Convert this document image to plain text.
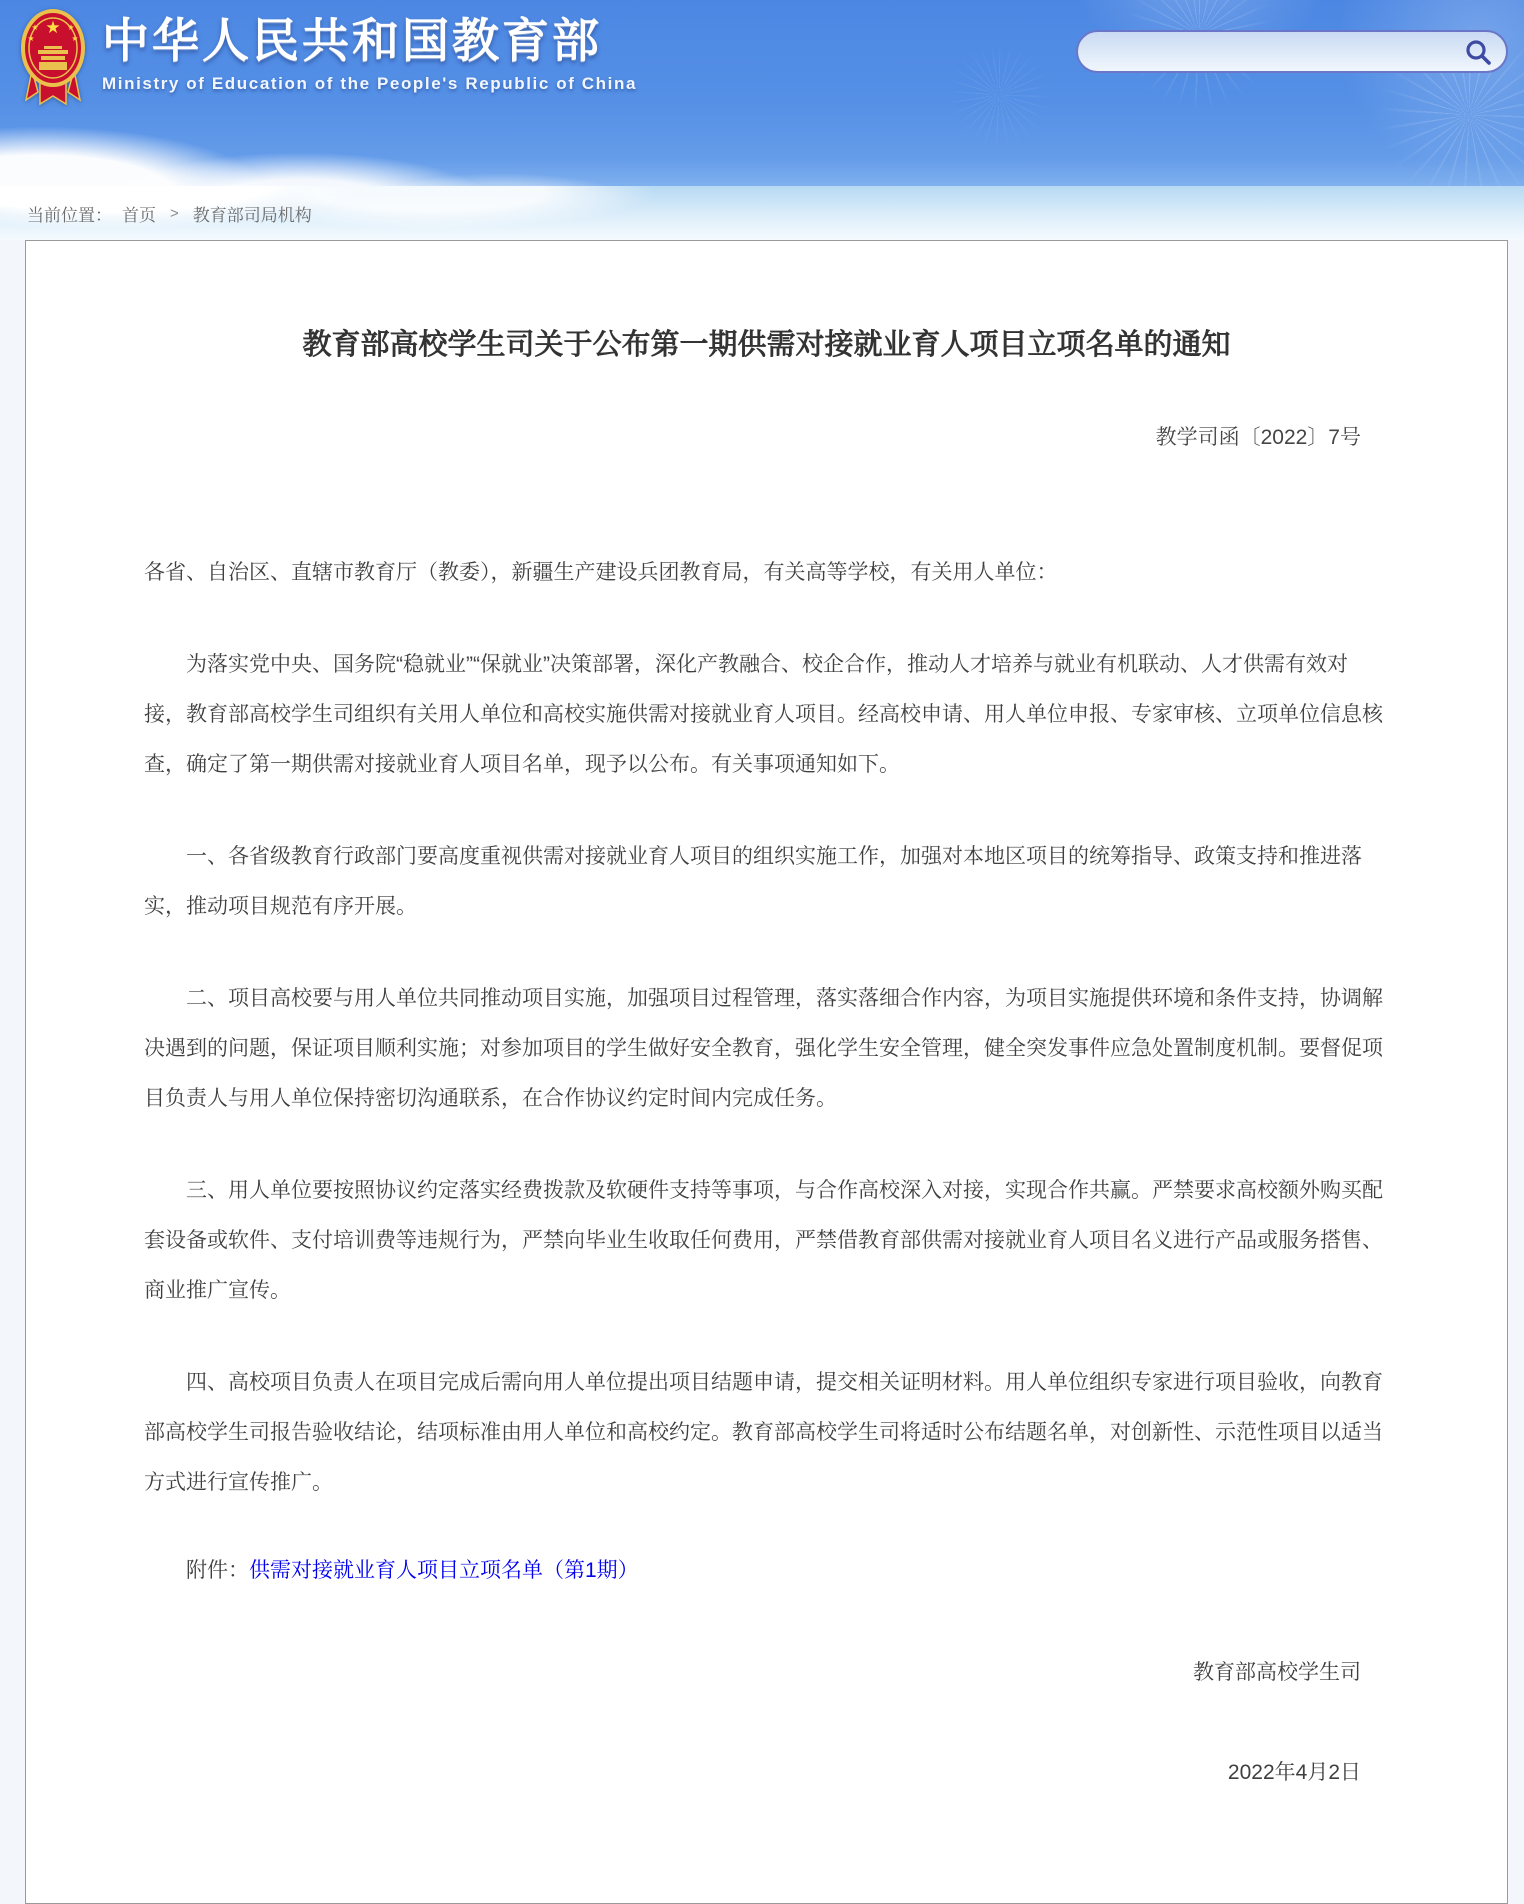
★
★	★
★	★ 中华人民共和国教育部
Ministry of Education of the People's Republic of China
当前位置： 首页 > 教育部司局机构
教育部高校学生司关于公布第一期供需对接就业育人项目立项名单的通知

教学司函〔2022〕7号

各省、自治区、直辖市教育厅（教委），新疆生产建设兵团教育局，有关高等学校，有关用人单位：

为落实党中央、国务院“稳就业”“保就业”决策部署，深化产教融合、校企合作，推动人才培养与就业有机联动、人才供需有效对接，教育部高校学生司组织有关用人单位和高校实施供需对接就业育人项目。经高校申请、用人单位申报、专家审核、立项单位信息核查，确定了第一期供需对接就业育人项目名单，现予以公布。有关事项通知如下。

一、各省级教育行政部门要高度重视供需对接就业育人项目的组织实施工作，加强对本地区项目的统筹指导、政策支持和推进落实，推动项目规范有序开展。

二、项目高校要与用人单位共同推动项目实施，加强项目过程管理，落实落细合作内容，为项目实施提供环境和条件支持，协调解决遇到的问题，保证项目顺利实施；对参加项目的学生做好安全教育，强化学生安全管理，健全突发事件应急处置制度机制。要督促项目负责人与用人单位保持密切沟通联系，在合作协议约定时间内完成任务。

三、用人单位要按照协议约定落实经费拨款及软硬件支持等事项，与合作高校深入对接，实现合作共赢。严禁要求高校额外购买配套设备或软件、支付培训费等违规行为，严禁向毕业生收取任何费用，严禁借教育部供需对接就业育人项目名义进行产品或服务搭售、商业推广宣传。

四、高校项目负责人在项目完成后需向用人单位提出项目结题申请，提交相关证明材料。用人单位组织专家进行项目验收，向教育部高校学生司报告验收结论，结项标准由用人单位和高校约定。教育部高校学生司将适时公布结题名单，对创新性、示范性项目以适当方式进行宣传推广。

附件：供需对接就业育人项目立项名单（第1期）

教育部高校学生司

2022年4月2日
